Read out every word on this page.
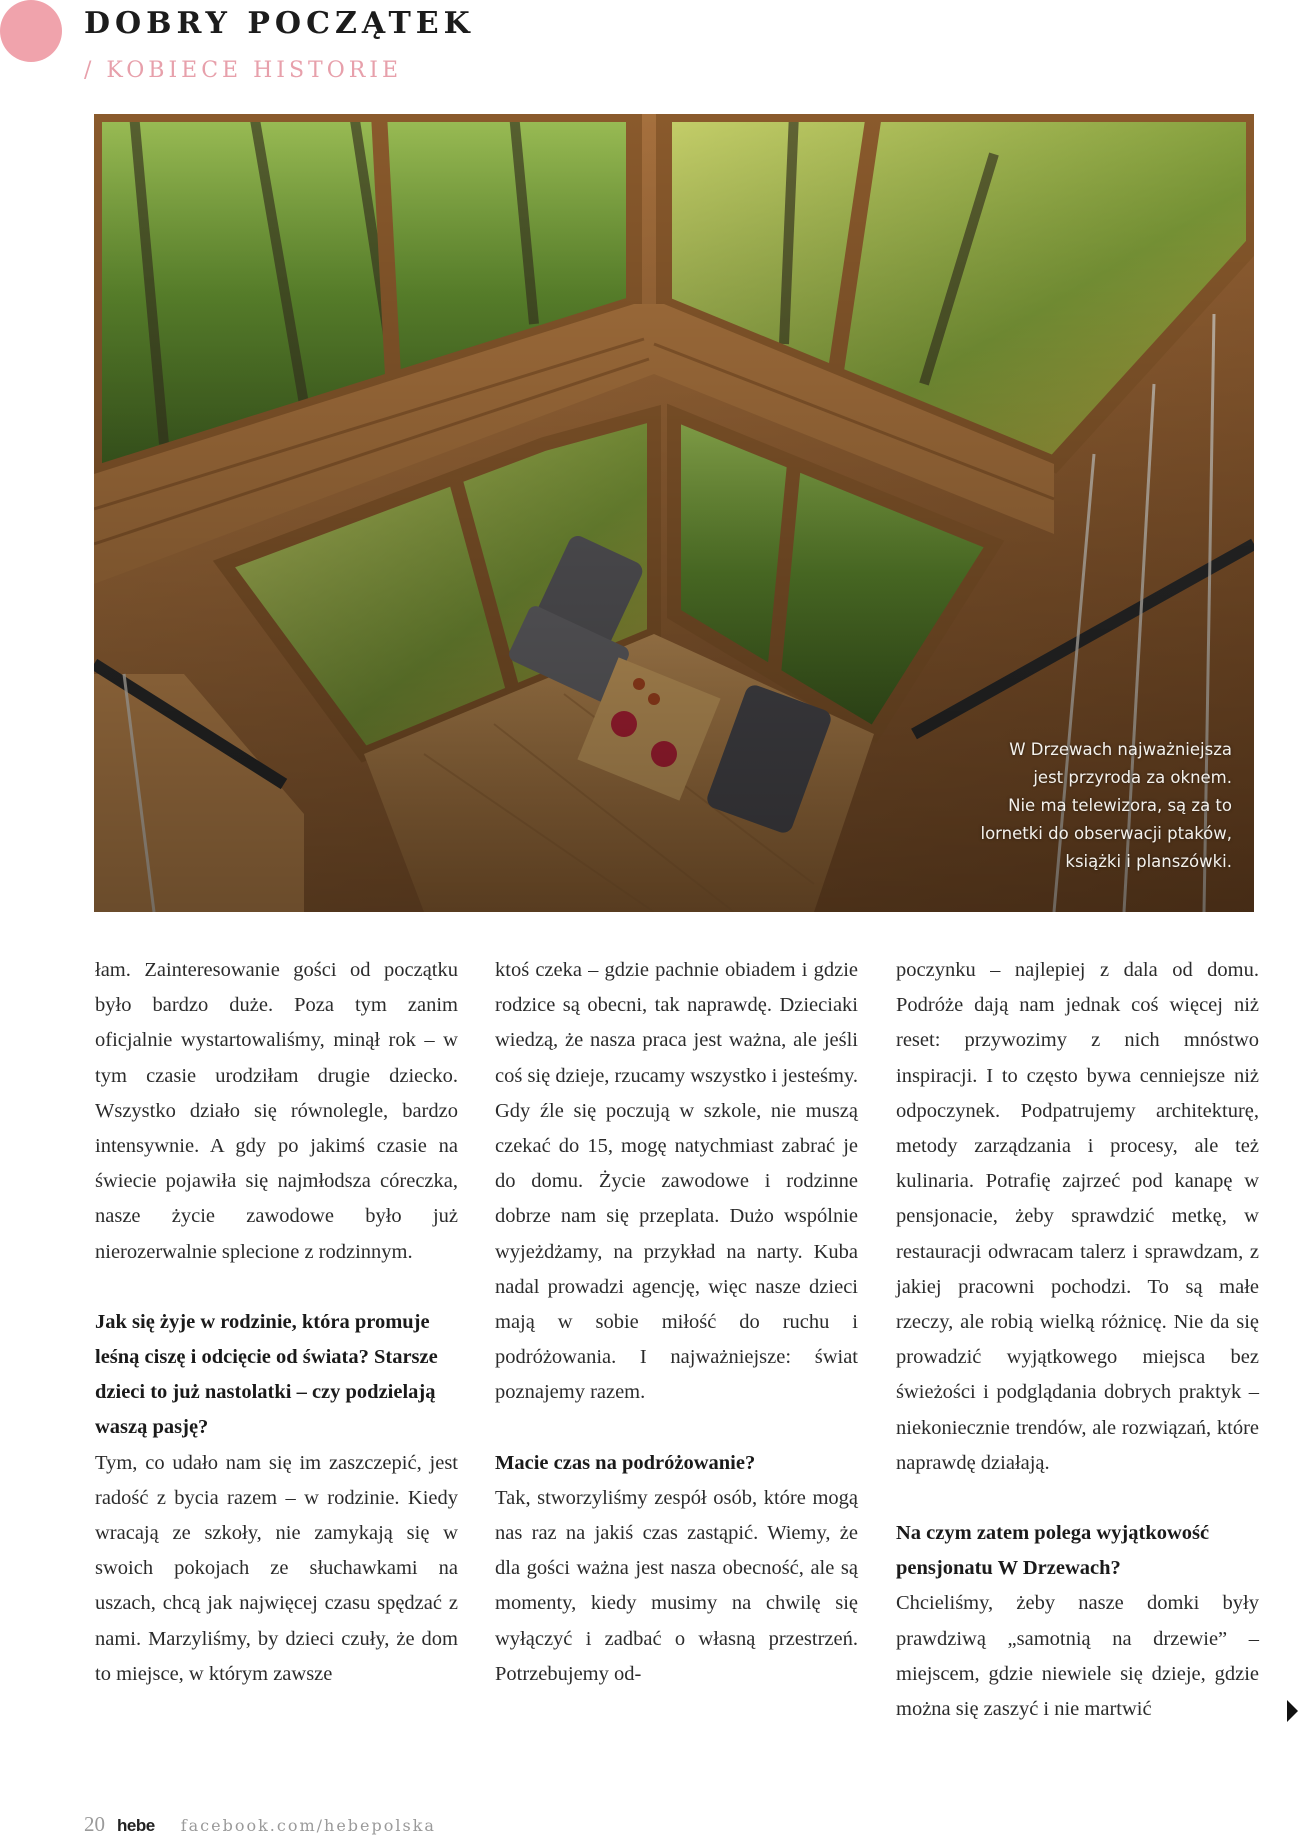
DOBRY POCZĄTEK
/ KOBIECE HISTORIE
W Drzewach najważniejsza
jest przyroda za oknem.
Nie ma telewizora, są za to
lornetki do obserwacji ptaków,
książki i planszówki.

łam. Zainteresowanie gości od początku było bardzo duże. Poza tym zanim oficjalnie wystartowaliśmy, minął rok – w tym czasie urodziłam drugie dziecko. Wszystko działo się równolegle, bardzo intensywnie. A gdy po jakimś czasie na świecie pojawiła się najmłodsza córeczka, nasze życie zawodowe było już nierozerwalnie splecione z rodzinnym.

Jak się żyje w rodzinie, która promuje leśną ciszę i odcięcie od świata? Starsze dzieci to już nastolatki – czy podzielają waszą pasję?

Tym, co udało nam się im zaszczepić, jest radość z bycia razem – w rodzinie. Kiedy wracają ze szkoły, nie zamykają się w swoich pokojach ze słuchawkami na uszach, chcą jak najwięcej czasu spędzać z nami. Marzyliśmy, by dzieci czuły, że dom to miejsce, w którym zawsze

ktoś czeka – gdzie pachnie obiadem i gdzie rodzice są obecni, tak naprawdę. Dzieciaki wiedzą, że nasza praca jest ważna, ale jeśli coś się dzieje, rzucamy wszystko i jesteśmy. Gdy źle się poczują w szkole, nie muszą czekać do 15, mogę natychmiast zabrać je do domu. Życie zawodowe i rodzinne dobrze nam się przeplata. Dużo wspólnie wyjeżdżamy, na przykład na narty. Kuba nadal prowadzi agencję, więc nasze dzieci mają w sobie miłość do ruchu i podróżowania. I najważniejsze: świat poznajemy razem.

Macie czas na podróżowanie?

Tak, stworzyliśmy zespół osób, które mogą nas raz na jakiś czas zastąpić. Wiemy, że dla gości ważna jest nasza obecność, ale są momenty, kiedy musimy na chwilę się wyłączyć i zadbać o własną przestrzeń. Potrzebujemy od-

poczynku – najlepiej z dala od domu. Podróże dają nam jednak coś więcej niż reset: przywozimy z nich mnóstwo inspiracji. I to często bywa cenniejsze niż odpoczynek. Podpatrujemy architekturę, metody zarządzania i procesy, ale też kulinaria. Potrafię zajrzeć pod kanapę w pensjonacie, żeby sprawdzić metkę, w restauracji odwracam talerz i sprawdzam, z jakiej pracowni pochodzi. To są małe rzeczy, ale robią wielką różnicę. Nie da się prowadzić wyjątkowego miejsca bez świeżości i podglądania dobrych praktyk – niekoniecznie trendów, ale rozwiązań, które naprawdę działają.

Na czym zatem polega wyjątkowość pensjonatu W Drzewach?

Chcieliśmy, żeby nasze domki były prawdziwą „samotnią na drzewie” – miejscem, gdzie niewiele się dzieje, gdzie można się zaszyć i nie martwić

20 hebe facebook.com/hebepolska
